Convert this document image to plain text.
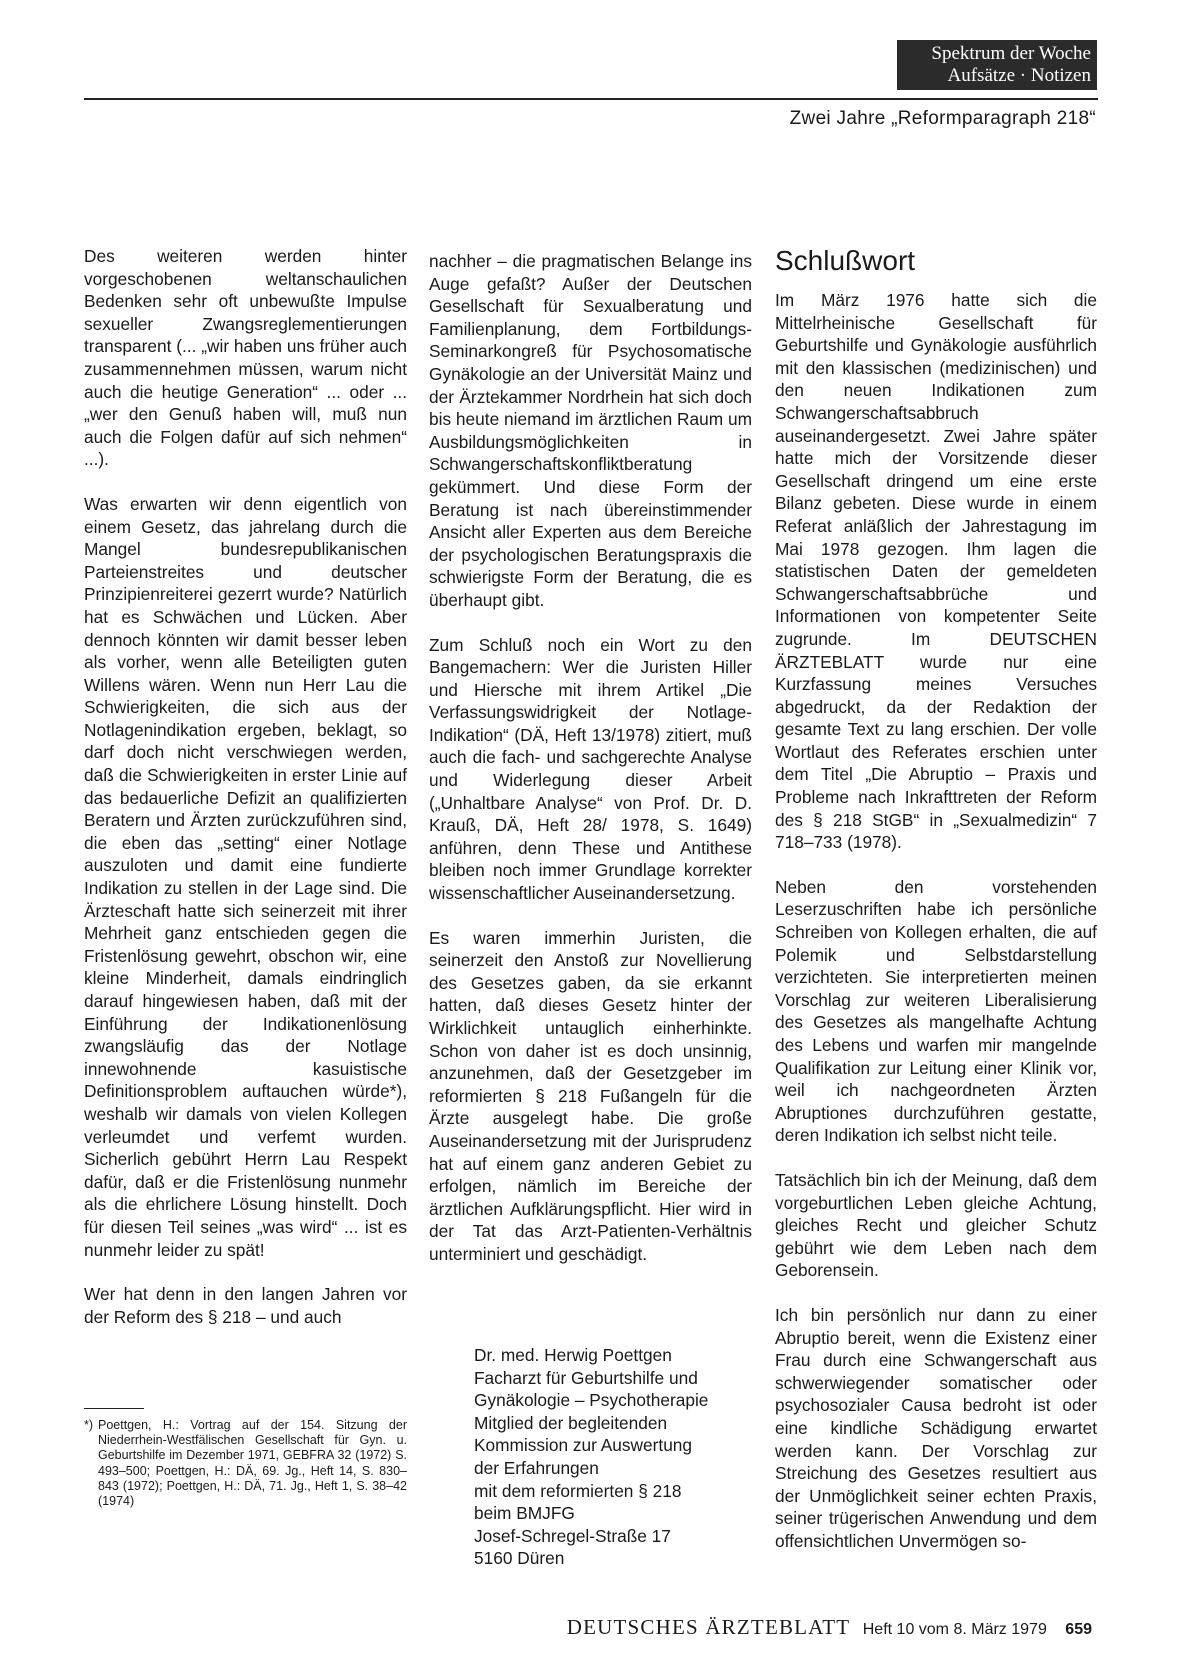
Spektrum der Woche
Aufsätze · Notizen
Zwei Jahre „Reformparagraph 218“

Des weiteren werden hinter vorgeschobenen weltanschaulichen Bedenken sehr oft unbewußte Impulse sexueller Zwangsreglementierungen transparent (... „wir haben uns früher auch zusammennehmen müssen, warum nicht auch die heutige Generation“ ... oder ... „wer den Genuß haben will, muß nun auch die Folgen dafür auf sich nehmen“ ...).

Was erwarten wir denn eigentlich von einem Gesetz, das jahrelang durch die Mangel bundesrepublikanischen Parteienstreites und deutscher Prinzipienreiterei gezerrt wurde? Natürlich hat es Schwächen und Lücken. Aber dennoch könnten wir damit besser leben als vorher, wenn alle Beteiligten guten Willens wären. Wenn nun Herr Lau die Schwierigkeiten, die sich aus der Notlagenindikation ergeben, beklagt, so darf doch nicht verschwiegen werden, daß die Schwierigkeiten in erster Linie auf das bedauerliche Defizit an qualifizierten Beratern und Ärzten zurückzuführen sind, die eben das „setting“ einer Notlage auszuloten und damit eine fundierte Indikation zu stellen in der Lage sind. Die Ärzteschaft hatte sich seinerzeit mit ihrer Mehrheit ganz entschieden gegen die Fristenlösung gewehrt, obschon wir, eine kleine Minderheit, damals eindringlich darauf hingewiesen haben, daß mit der Einführung der Indikationenlösung zwangsläufig das der Notlage innewohnende kasuistische Definitionsproblem auftauchen würde*), weshalb wir damals von vielen Kollegen verleumdet und verfemt wurden. Sicherlich gebührt Herrn Lau Respekt dafür, daß er die Fristenlösung nunmehr als die ehrlichere Lösung hinstellt. Doch für diesen Teil seines „was wird“ ... ist es nunmehr leider zu spät!

Wer hat denn in den langen Jahren vor der Reform des § 218 – und auch

*) Poettgen, H.: Vortrag auf der 154. Sitzung der Niederrhein-Westfälischen Gesellschaft für Gyn. u. Geburtshilfe im Dezember 1971, GEBFRA 32 (1972) S. 493–500; Poettgen, H.: DÄ, 69. Jg., Heft 14, S. 830–843 (1972); Poettgen, H.: DÄ, 71. Jg., Heft 1, S. 38–42 (1974)

nachher – die pragmatischen Belange ins Auge gefaßt? Außer der Deutschen Gesellschaft für Sexualberatung und Familienplanung, dem Fortbildungs-Seminarkongreß für Psychosomatische Gynäkologie an der Universität Mainz und der Ärztekammer Nordrhein hat sich doch bis heute niemand im ärztlichen Raum um Ausbildungsmöglichkeiten in Schwangerschaftskonfliktberatung gekümmert. Und diese Form der Beratung ist nach übereinstimmender Ansicht aller Experten aus dem Bereiche der psychologischen Beratungspraxis die schwierigste Form der Beratung, die es überhaupt gibt.

Zum Schluß noch ein Wort zu den Bangemachern: Wer die Juristen Hiller und Hiersche mit ihrem Artikel „Die Verfassungswidrigkeit der Notlage-Indikation“ (DÄ, Heft 13/1978) zitiert, muß auch die fach- und sachgerechte Analyse und Widerlegung dieser Arbeit („Unhaltbare Analyse“ von Prof. Dr. D. Krauß, DÄ, Heft 28/ 1978, S. 1649) anführen, denn These und Antithese bleiben noch immer Grundlage korrekter wissenschaftlicher Auseinandersetzung.

Es waren immerhin Juristen, die seinerzeit den Anstoß zur Novellierung des Gesetzes gaben, da sie erkannt hatten, daß dieses Gesetz hinter der Wirklichkeit untauglich einherhinkte. Schon von daher ist es doch unsinnig, anzunehmen, daß der Gesetzgeber im reformierten § 218 Fußangeln für die Ärzte ausgelegt habe. Die große Auseinandersetzung mit der Jurisprudenz hat auf einem ganz anderen Gebiet zu erfolgen, nämlich im Bereiche der ärztlichen Aufklärungspflicht. Hier wird in der Tat das Arzt-Patienten-Verhältnis unterminiert und geschädigt.

Dr. med. Herwig Poettgen
Facharzt für Geburtshilfe und
Gynäkologie – Psychotherapie
Mitglied der begleitenden
Kommission zur Auswertung
der Erfahrungen
mit dem reformierten § 218
beim BMJFG
Josef-Schregel-Straße 17
5160 Düren
Schlußwort

Im März 1976 hatte sich die Mittelrheinische Gesellschaft für Geburtshilfe und Gynäkologie ausführlich mit den klassischen (medizinischen) und den neuen Indikationen zum Schwangerschaftsabbruch auseinandergesetzt. Zwei Jahre später hatte mich der Vorsitzende dieser Gesellschaft dringend um eine erste Bilanz gebeten. Diese wurde in einem Referat anläßlich der Jahrestagung im Mai 1978 gezogen. Ihm lagen die statistischen Daten der gemeldeten Schwangerschaftsabbrüche und Informationen von kompetenter Seite zugrunde. Im DEUTSCHEN ÄRZTEBLATT wurde nur eine Kurzfassung meines Versuches abgedruckt, da der Redaktion der gesamte Text zu lang erschien. Der volle Wortlaut des Referates erschien unter dem Titel „Die Abruptio – Praxis und Probleme nach Inkrafttreten der Reform des § 218 StGB“ in „Sexualmedizin“ 7 718–733 (1978).

Neben den vorstehenden Leserzuschriften habe ich persönliche Schreiben von Kollegen erhalten, die auf Polemik und Selbstdarstellung verzichteten. Sie interpretierten meinen Vorschlag zur weiteren Liberalisierung des Gesetzes als mangelhafte Achtung des Lebens und warfen mir mangelnde Qualifikation zur Leitung einer Klinik vor, weil ich nachgeordneten Ärzten Abruptiones durchzuführen gestatte, deren Indikation ich selbst nicht teile.

Tatsächlich bin ich der Meinung, daß dem vorgeburtlichen Leben gleiche Achtung, gleiches Recht und gleicher Schutz gebührt wie dem Leben nach dem Geborensein.

Ich bin persönlich nur dann zu einer Abruptio bereit, wenn die Existenz einer Frau durch eine Schwangerschaft aus schwerwiegender somatischer oder psychosozialer Causa bedroht ist oder eine kindliche Schädigung erwartet werden kann. Der Vorschlag zur Streichung des Gesetzes resultiert aus der Unmöglichkeit seiner echten Praxis, seiner trügerischen Anwendung und dem offensichtlichen Unvermögen so-

DEUTSCHES ÄRZTEBLATT Heft 10 vom 8. März 1979 659
